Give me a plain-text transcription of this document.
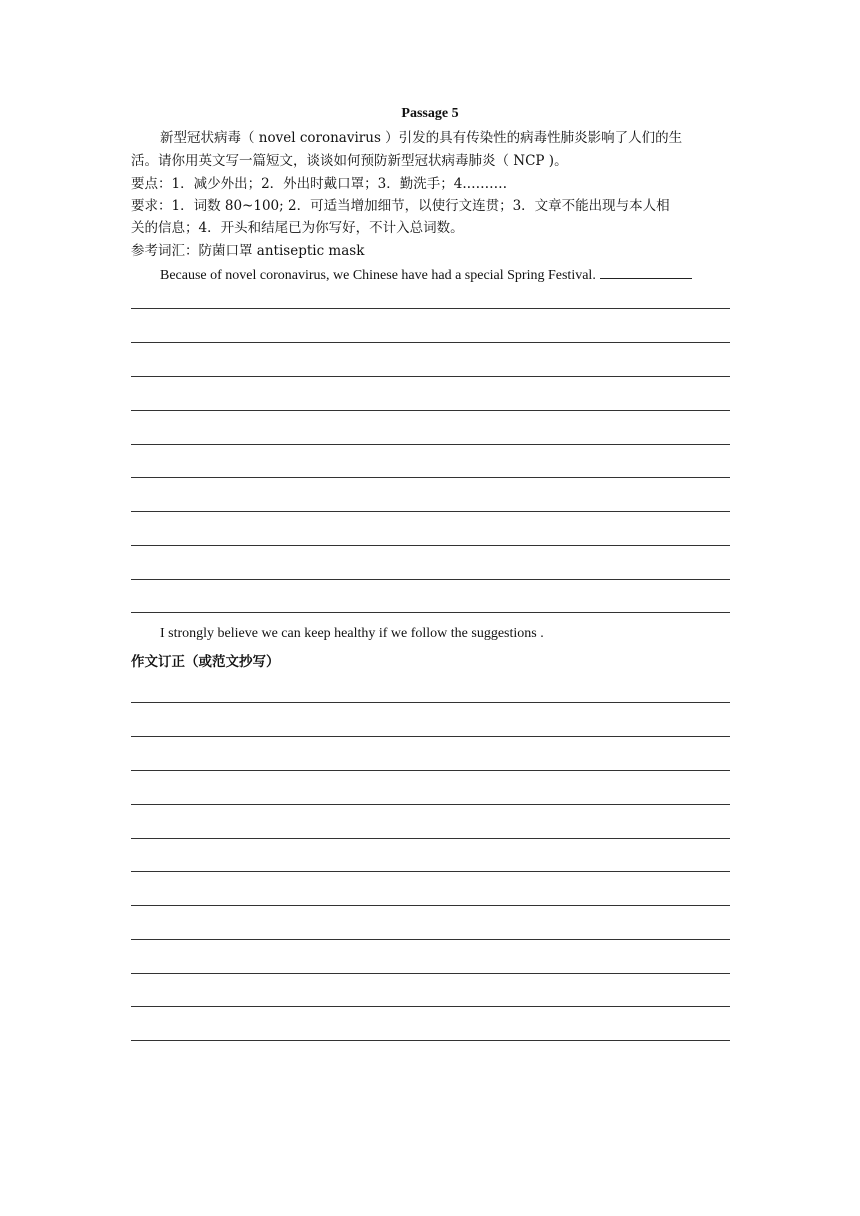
Passage 5
新型冠状病毒（ novel coronavirus ）引发的具有传染性的病毒性肺炎影响了人们的生
活。请你用英文写一篇短文，谈谈如何预防新型冠状病毒肺炎（ NCP )。
要点：1．减少外出；2．外出时戴口罩；3．勤洗手；4.………
要求：1．词数 80~100; 2．可适当增加细节，以使行文连贯；3．文章不能出现与本人相
关的信息；4．开头和结尾已为你写好，不计入总词数。
参考词汇：防菌口罩 antiseptic mask
Because of novel coronavirus, we Chinese have had a special Spring Festival.
I strongly believe we can keep healthy if we follow the suggestions .
作文订正（或范文抄写）
